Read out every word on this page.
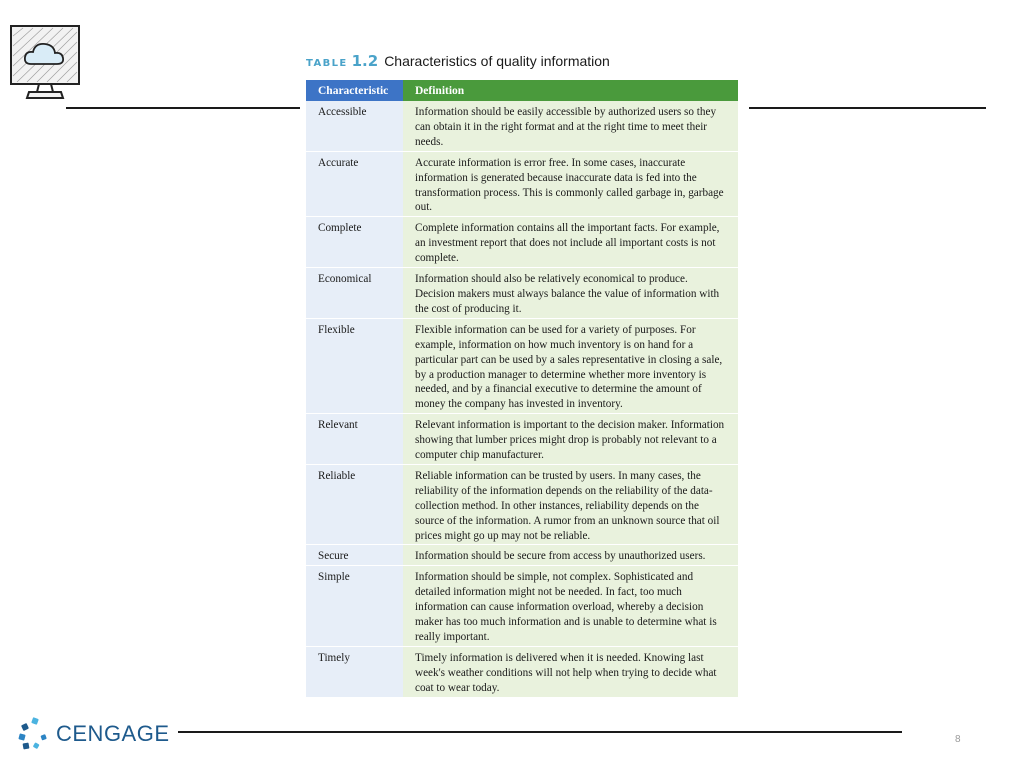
TABLE 1.2 Characteristics of quality information
Characteristic	Definition
Accessible	Information should be easily accessible by authorized users so they can obtain it in the right format and at the right time to meet their needs.
Accurate	Accurate information is error free. In some cases, inaccurate information is generated because inaccurate data is fed into the transformation process. This is commonly called garbage in, garbage out.
Complete	Complete information contains all the important facts. For example, an investment report that does not include all important costs is not complete.
Economical	Information should also be relatively economical to produce. Decision makers must always balance the value of information with the cost of producing it.
Flexible	Flexible information can be used for a variety of purposes. For example, information on how much inventory is on hand for a particular part can be used by a sales representative in closing a sale, by a production manager to determine whether more inventory is needed, and by a financial executive to determine the amount of money the company has invested in inventory.
Relevant	Relevant information is important to the decision maker. Information showing that lumber prices might drop is probably not relevant to a computer chip manufacturer.
Reliable	Reliable information can be trusted by users. In many cases, the reliability of the information depends on the reliability of the data-collection method. In other instances, reliability depends on the source of the information. A rumor from an unknown source that oil prices might go up may not be reliable.
Secure	Information should be secure from access by unauthorized users.
Simple	Information should be simple, not complex. Sophisticated and detailed information might not be needed. In fact, too much information can cause information overload, whereby a decision maker has too much information and is unable to determine what is really important.
Timely	Timely information is delivered when it is needed. Knowing last week's weather conditions will not help when trying to decide what coat to wear today.
CENGAGE	8
